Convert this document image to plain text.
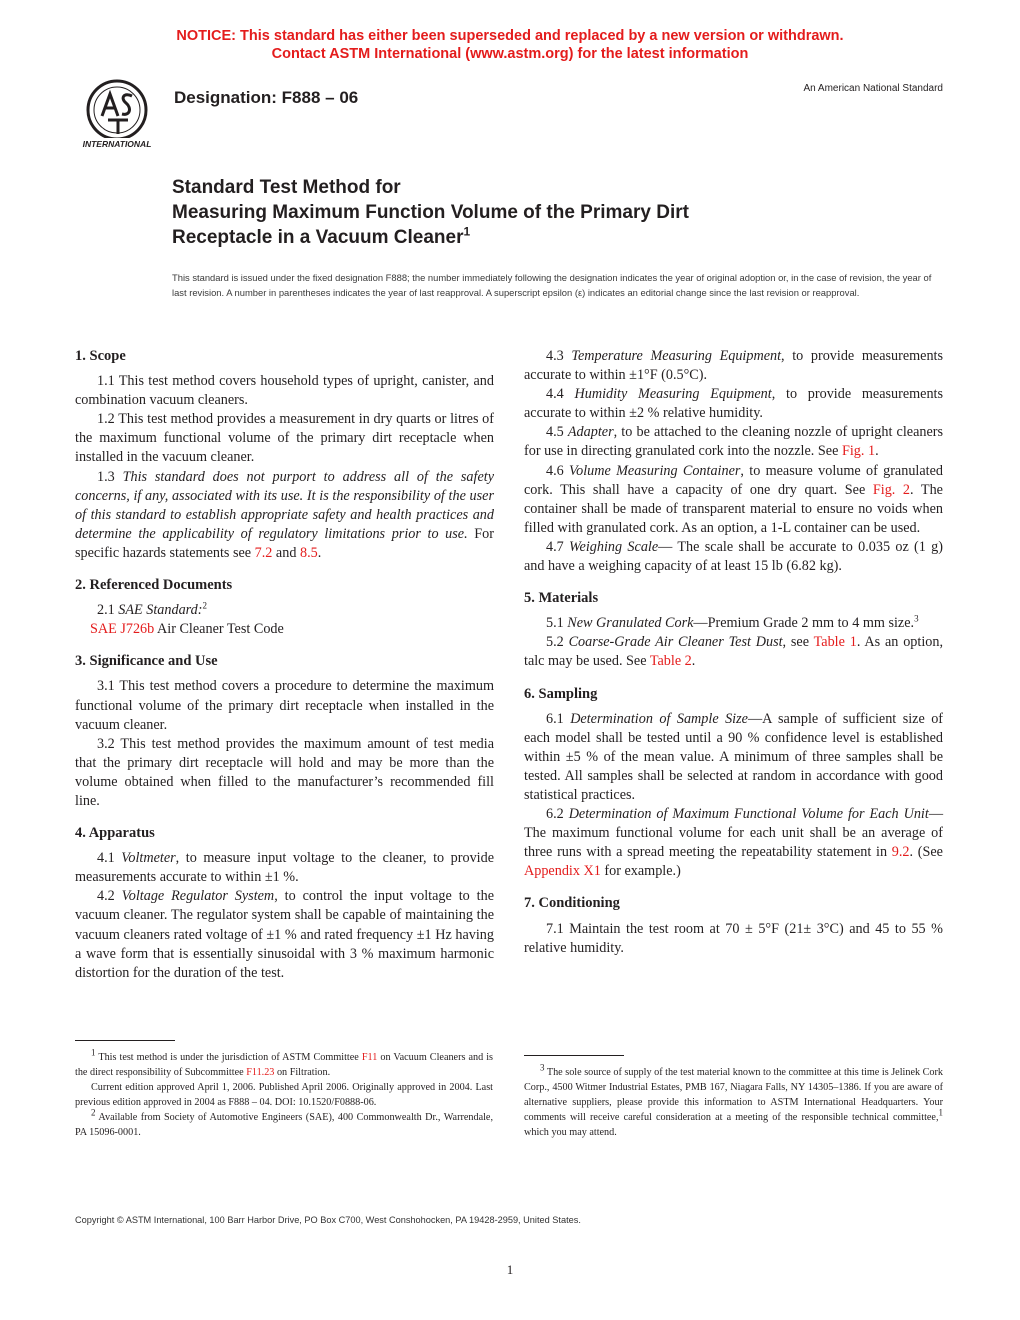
NOTICE: This standard has either been superseded and replaced by a new version or withdrawn.
Contact ASTM International (www.astm.org) for the latest information
INTERNATIONAL
Designation: F888 – 06	An American National Standard
Standard Test Method for
Measuring Maximum Function Volume of the Primary Dirt
Receptacle in a Vacuum Cleaner$^1$
This standard is issued under the fixed designation F888; the number immediately following the designation indicates the year of original adoption or, in the case of revision, the year of last revision. A number in parentheses indicates the year of last reapproval. A superscript epsilon (ε) indicates an editorial change since the last revision or reapproval.
1. Scope

1.1 This test method covers household types of upright, canister, and combination vacuum cleaners.

1.2 This test method provides a measurement in dry quarts or litres of the maximum functional volume of the primary dirt receptacle when installed in the vacuum cleaner.

1.3 This standard does not purport to address all of the safety concerns, if any, associated with its use. It is the responsibility of the user of this standard to establish appropriate safety and health practices and determine the applicability of regulatory limitations prior to use. For specific hazards statements see 7.2 and 8.5.

2. Referenced Documents

2.1 SAE Standard:$^2$

SAE J726b Air Cleaner Test Code

3. Significance and Use

3.1 This test method covers a procedure to determine the maximum functional volume of the primary dirt receptacle when installed in the vacuum cleaner.

3.2 This test method provides the maximum amount of test media that the primary dirt receptacle will hold and may be more than the volume obtained when filled to the manufacturer’s recommended fill line.

4. Apparatus

4.1 Voltmeter, to measure input voltage to the cleaner, to provide measurements accurate to within ±1 %.

4.2 Voltage Regulator System, to control the input voltage to the vacuum cleaner. The regulator system shall be capable of maintaining the vacuum cleaners rated voltage of ±1 % and rated frequency ±1 Hz having a wave form that is essentially sinusoidal with 3 % maximum harmonic distortion for the duration of the test.

4.3 Temperature Measuring Equipment, to provide measurements accurate to within ±1°F (0.5°C).

4.4 Humidity Measuring Equipment, to provide measurements accurate to within ±2 % relative humidity.

4.5 Adapter, to be attached to the cleaning nozzle of upright cleaners for use in directing granulated cork into the nozzle. See Fig. 1.

4.6 Volume Measuring Container, to measure volume of granulated cork. This shall have a capacity of one dry quart. See Fig. 2. The container shall be made of transparent material to ensure no voids when filled with granulated cork. As an option, a 1-L container can be used.

4.7 Weighing Scale— The scale shall be accurate to 0.035 oz (1 g) and have a weighing capacity of at least 15 lb (6.82 kg).

5. Materials

5.1 New Granulated Cork—Premium Grade 2 mm to 4 mm size.$^3$

5.2 Coarse-Grade Air Cleaner Test Dust, see Table 1. As an option, talc may be used. See Table 2.

6. Sampling

6.1 Determination of Sample Size—A sample of sufficient size of each model shall be tested until a 90 % confidence level is established within ±5 % of the mean value. A minimum of three samples shall be tested. All samples shall be selected at random in accordance with good statistical practices.

6.2 Determination of Maximum Functional Volume for Each Unit—The maximum functional volume for each unit shall be an average of three runs with a spread meeting the repeatability statement in 9.2. (See Appendix X1 for example.)

7. Conditioning

7.1 Maintain the test room at 70 ± 5°F (21± 3°C) and 45 to 55 % relative humidity.

$^1$ This test method is under the jurisdiction of ASTM Committee F11 on Vacuum Cleaners and is the direct responsibility of Subcommittee F11.23 on Filtration.

Current edition approved April 1, 2006. Published April 2006. Originally approved in 2004. Last previous edition approved in 2004 as F888 – 04. DOI: 10.1520/F0888-06.

$^2$ Available from Society of Automotive Engineers (SAE), 400 Commonwealth Dr., Warrendale, PA 15096-0001.

$^3$ The sole source of supply of the test material known to the committee at this time is Jelinek Cork Corp., 4500 Witmer Industrial Estates, PMB 167, Niagara Falls, NY 14305–1386. If you are aware of alternative suppliers, please provide this information to ASTM International Headquarters. Your comments will receive careful consideration at a meeting of the responsible technical committee,$^1$ which you may attend.

Copyright © ASTM International, 100 Barr Harbor Drive, PO Box C700, West Conshohocken, PA 19428-2959, United States.
1
